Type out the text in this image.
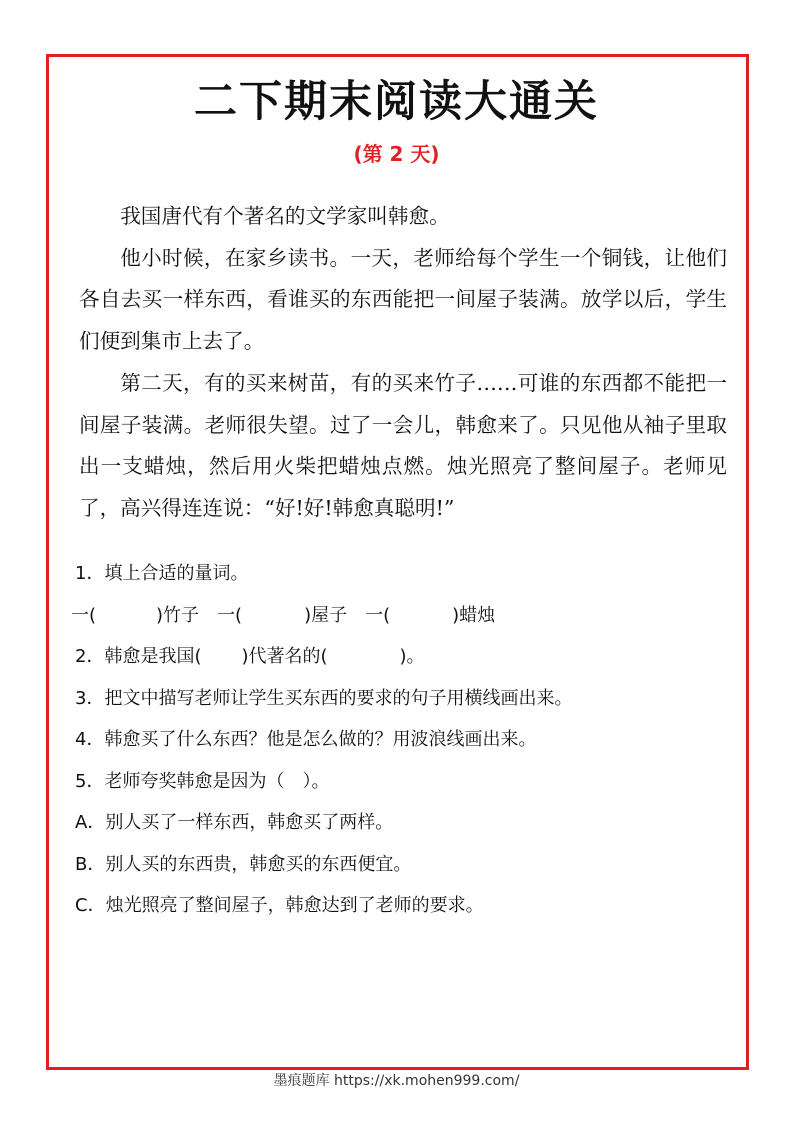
二下期末阅读大通关
(第 2 天)

我国唐代有个著名的文学家叫韩愈。

他小时候，在家乡读书。一天，老师给每个学生一个铜钱，让他们各自去买一样东西，看谁买的东西能把一间屋子装满。放学以后，学生们便到集市上去了。

第二天，有的买来树苗，有的买来竹子……可谁的东西都不能把一间屋子装满。老师很失望。过了一会儿，韩愈来了。只见他从袖子里取出一支蜡烛，然后用火柴把蜡烛点燃。烛光照亮了整间屋子。老师见了，高兴得连连说：“好!好!韩愈真聪明!”

1．填上合适的量词。
一(	)竹子 一(	)屋子 一(	)蜡烛
2．韩愈是我国( )代著名的(	)。
3．把文中描写老师让学生买东西的要求的句子用横线画出来。
4．韩愈买了什么东西？他是怎么做的？用波浪线画出来。
5．老师夸奖韩愈是因为（　）。
A．别人买了一样东西，韩愈买了两样。
B．别人买的东西贵，韩愈买的东西便宜。
C．烛光照亮了整间屋子，韩愈达到了老师的要求。
墨痕题库 https://xk.mohen999.com/
